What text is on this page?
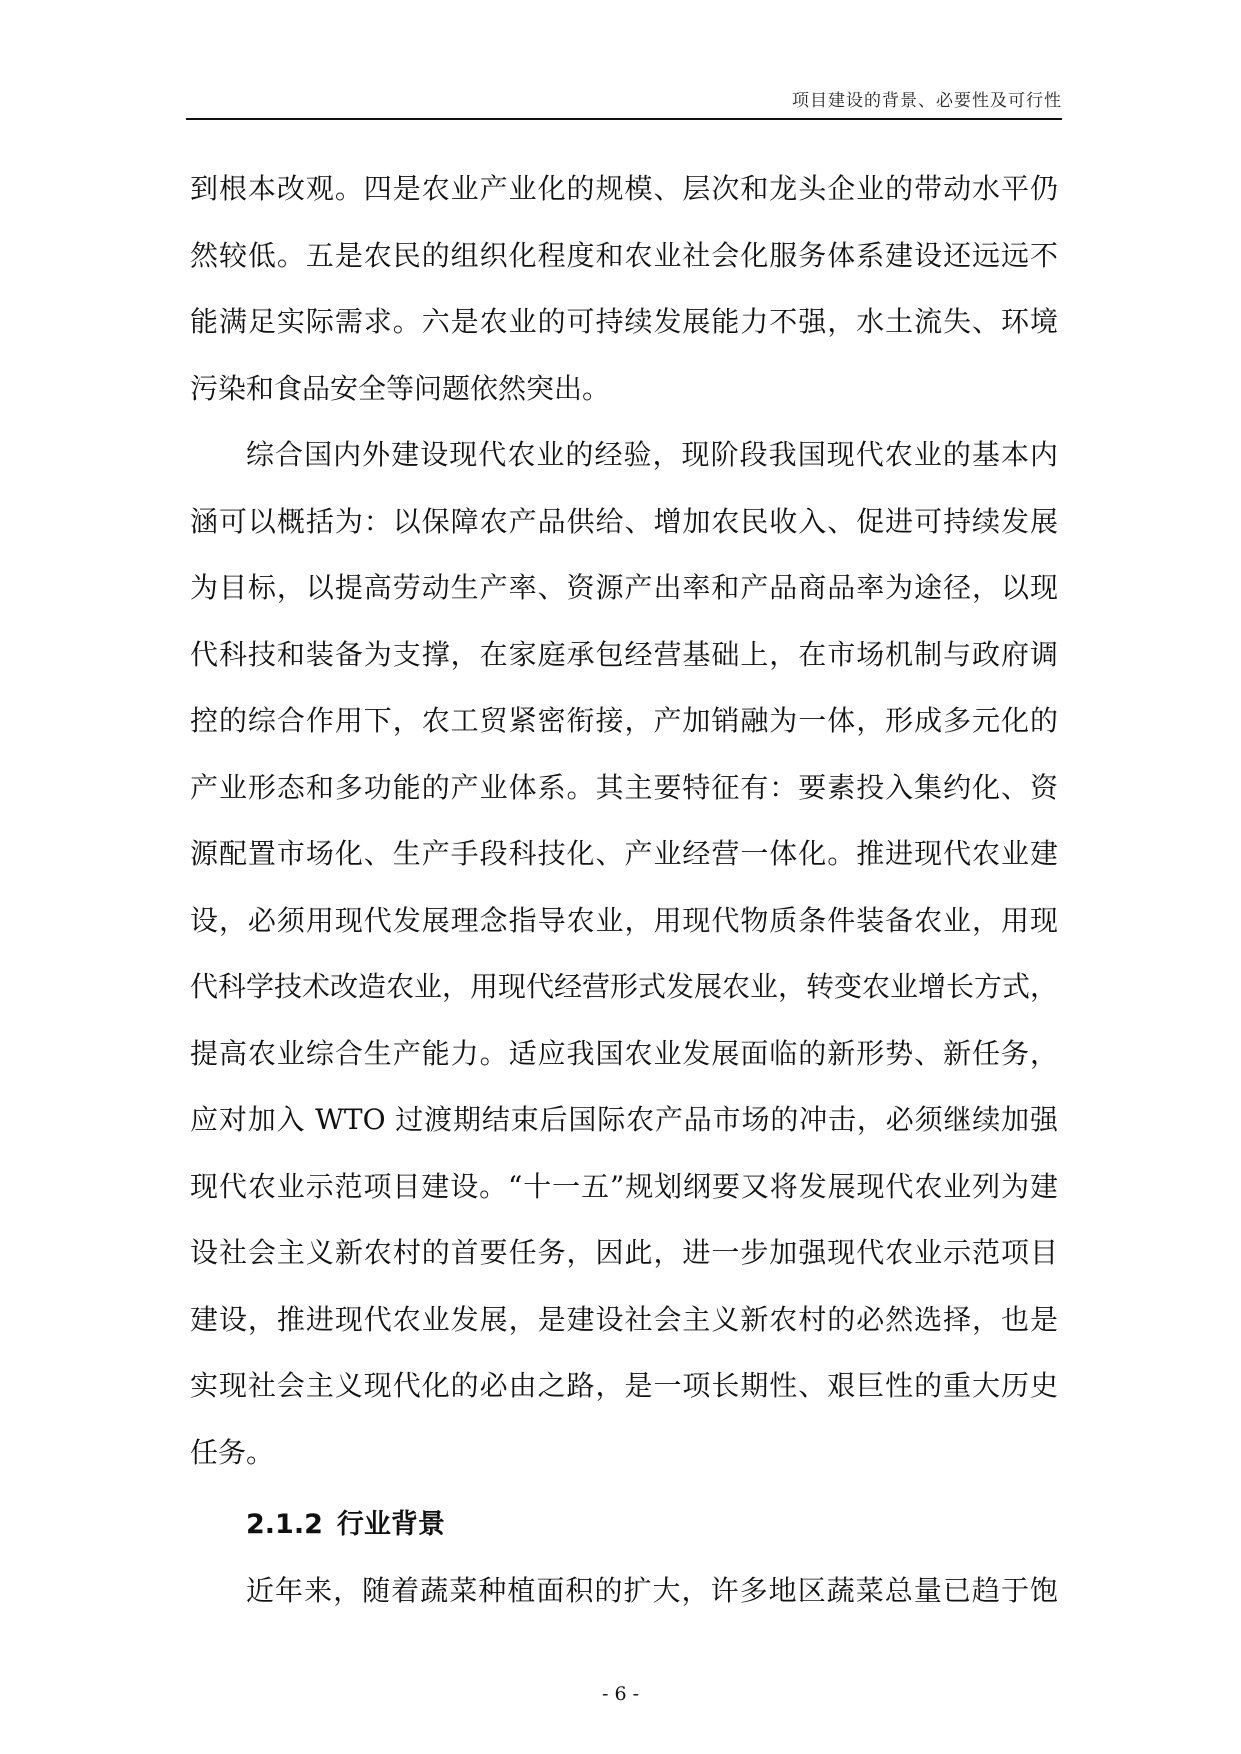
项目建设的背景、必要性及可行性
到根本改观。四是农业产业化的规模、层次和龙头企业的带动水平仍
然较低。五是农民的组织化程度和农业社会化服务体系建设还远远不
能满足实际需求。六是农业的可持续发展能力不强，水土流失、环境
污染和食品安全等问题依然突出。
综合国内外建设现代农业的经验，现阶段我国现代农业的基本内
涵可以概括为：以保障农产品供给、增加农民收入、促进可持续发展
为目标，以提高劳动生产率、资源产出率和产品商品率为途径，以现
代科技和装备为支撑，在家庭承包经营基础上，在市场机制与政府调
控的综合作用下，农工贸紧密衔接，产加销融为一体，形成多元化的
产业形态和多功能的产业体系。其主要特征有：要素投入集约化、资
源配置市场化、生产手段科技化、产业经营一体化。推进现代农业建
设，必须用现代发展理念指导农业，用现代物质条件装备农业，用现
代科学技术改造农业，用现代经营形式发展农业，转变农业增长方式，
提高农业综合生产能力。适应我国农业发展面临的新形势、新任务，
应对加入 WTO 过渡期结束后国际农产品市场的冲击，必须继续加强
现代农业示范项目建设。“十一五”规划纲要又将发展现代农业列为建
设社会主义新农村的首要任务，因此，进一步加强现代农业示范项目
建设，推进现代农业发展，是建设社会主义新农村的必然选择，也是
实现社会主义现代化的必由之路，是一项长期性、艰巨性的重大历史
任务。
2.1.2 行业背景
近年来，随着蔬菜种植面积的扩大，许多地区蔬菜总量已趋于饱
- 6 -
